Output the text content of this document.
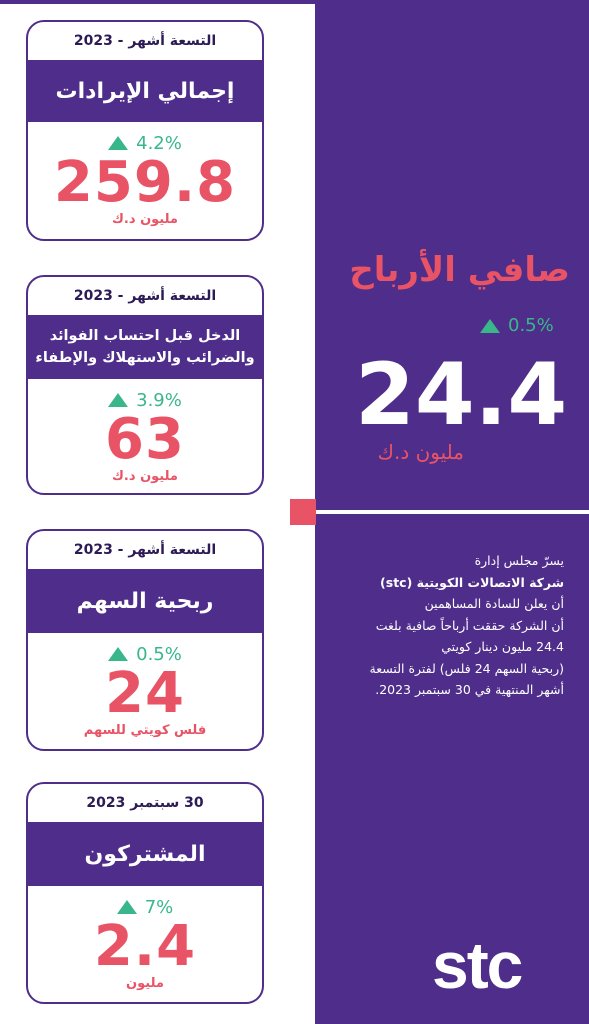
التسعة أشهر - 2023
إجمالي الإيرادات
4.2%
259.8
مليون د.ك
التسعة أشهر - 2023
الدخل قبل احتساب الفوائد
والضرائب والاستهلاك والإطفاء
3.9%
63
مليون د.ك
التسعة أشهر - 2023
ربحية السهم
0.5%
24
فلس كويتي للسهم
30 سبتمبر 2023
المشتركون
7%
2.4
مليون
صافي الأرباح
0.5%
24.4
مليون د.ك
يسرّ مجلس إدارة
شركة الاتصالات الكويتية (stc)
أن يعلن للسادة المساهمين
أن الشركة حققت أرباحاً صافية بلغت
24.4 مليون دينار كويتي
(ربحية السهم 24 فلس) لفترة التسعة
أشهر المنتهية في 30 سبتمبر 2023.
stc
